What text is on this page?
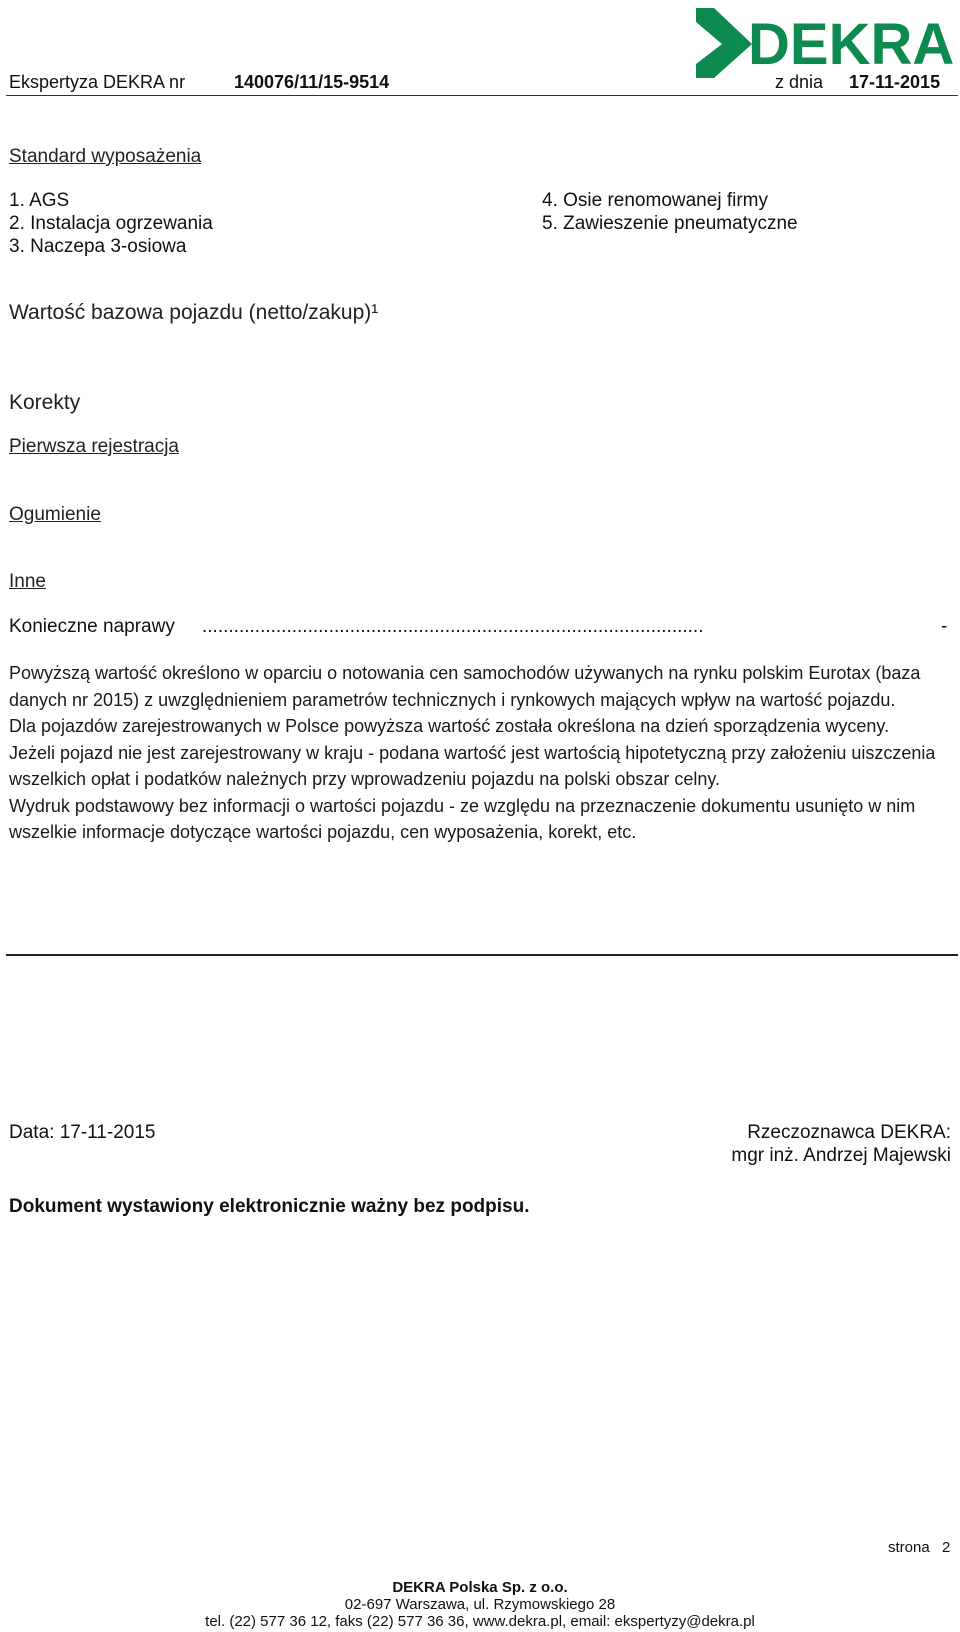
DEKRA
Ekspertyza DEKRA nr	140076/11/15-9514	z dnia 17-11-2015
Standard wyposażenia
1. AGS
2. Instalacja ogrzewania
3. Naczepa 3-osiowa
4. Osie renomowanej firmy
5. Zawieszenie pneumatyczne
Wartość bazowa pojazdu (netto/zakup)¹
Korekty
Pierwsza rejestracja
Ogumienie
Inne
Konieczne naprawy ...............................................................................................	-

Powyższą wartość określono w oparciu o notowania cen samochodów używanych na rynku polskim Eurotax (baza danych nr 2015) z uwzględnieniem parametrów technicznych i rynkowych mających wpływ na wartość pojazdu.

Dla pojazdów zarejestrowanych w Polsce powyższa wartość została określona na dzień sporządzenia wyceny.

Jeżeli pojazd nie jest zarejestrowany w kraju - podana wartość jest wartością hipotetyczną przy założeniu uiszczenia wszelkich opłat i podatków należnych przy wprowadzeniu pojazdu na polski obszar celny.

Wydruk podstawowy bez informacji o wartości pojazdu - ze względu na przeznaczenie dokumentu usunięto w nim wszelkie informacje dotyczące wartości pojazdu, cen wyposażenia, korekt, etc.

Data: 17-11-2015	Rzeczoznawca DEKRA:
mgr inż. Andrzej Majewski
Dokument wystawiony elektronicznie ważny bez podpisu.
strona 2
DEKRA Polska Sp. z o.o.
02-697 Warszawa, ul. Rzymowskiego 28
tel. (22) 577 36 12, faks (22) 577 36 36, www.dekra.pl, email: ekspertyzy@dekra.pl
